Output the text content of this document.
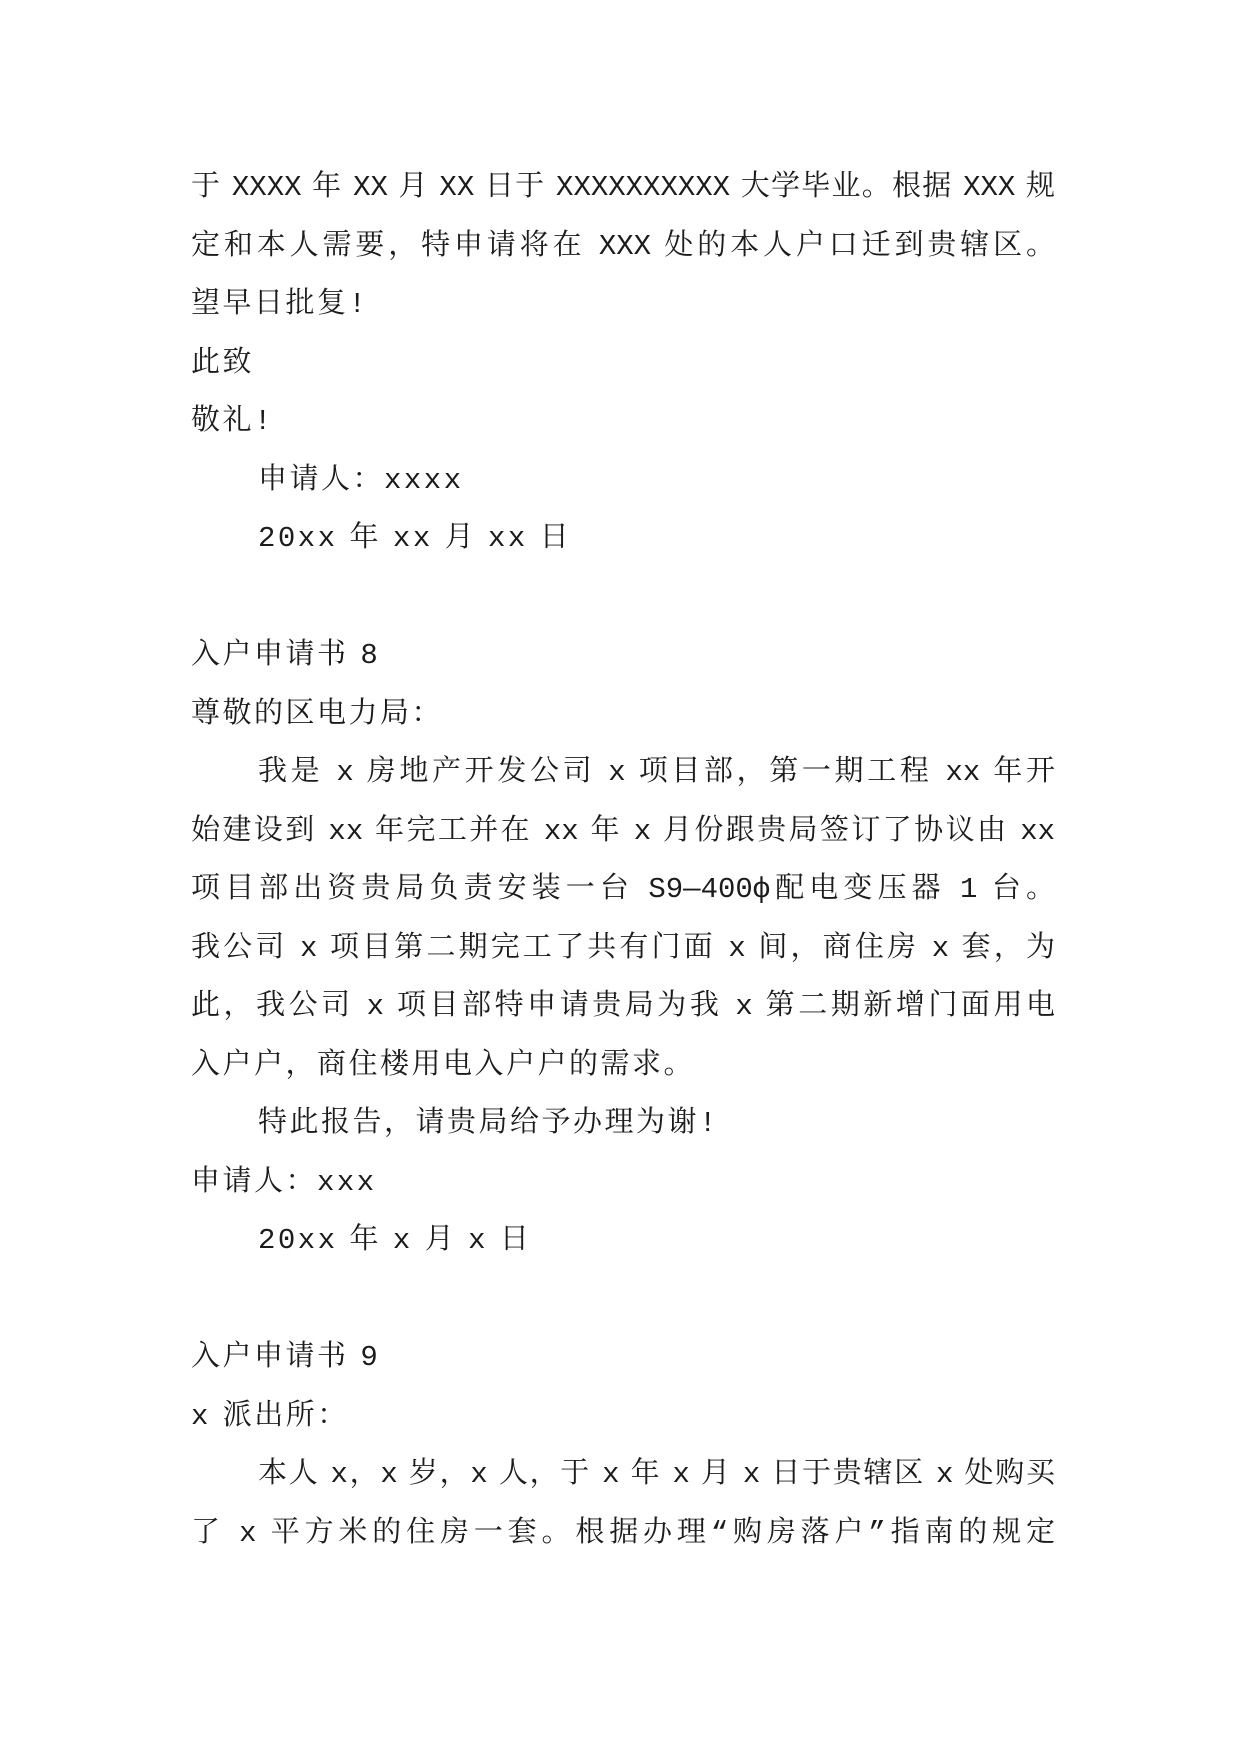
于 XXXX 年 XX 月 XX 日于 XXXXXXXXXX 大学毕业。根据 XXX 规
定和本人需要，特申请将在 XXX 处的本人户口迁到贵辖区。
望早日批复!
此致
敬礼!
申请人：xxxx
20xx 年 xx 月 xx 日
入户申请书 8
尊敬的区电力局：
我是 x 房地产开发公司 x 项目部，第一期工程 xx 年开
始建设到 xx 年完工并在 xx 年 x 月份跟贵局签订了协议由 xx
项目部出资贵局负责安装一台 S9—400ф配电变压器 1 台。
我公司 x 项目第二期完工了共有门面 x 间，商住房 x 套，为
此，我公司 x 项目部特申请贵局为我 x 第二期新增门面用电
入户户，商住楼用电入户户的需求。
特此报告，请贵局给予办理为谢!
申请人：xxx
20xx 年 x 月 x 日
入户申请书 9
x 派出所：
本人 x，x 岁，x 人，于 x 年 x 月 x 日于贵辖区 x 处购买
了 x 平方米的住房一套。根据办理“购房落户”指南的规定
